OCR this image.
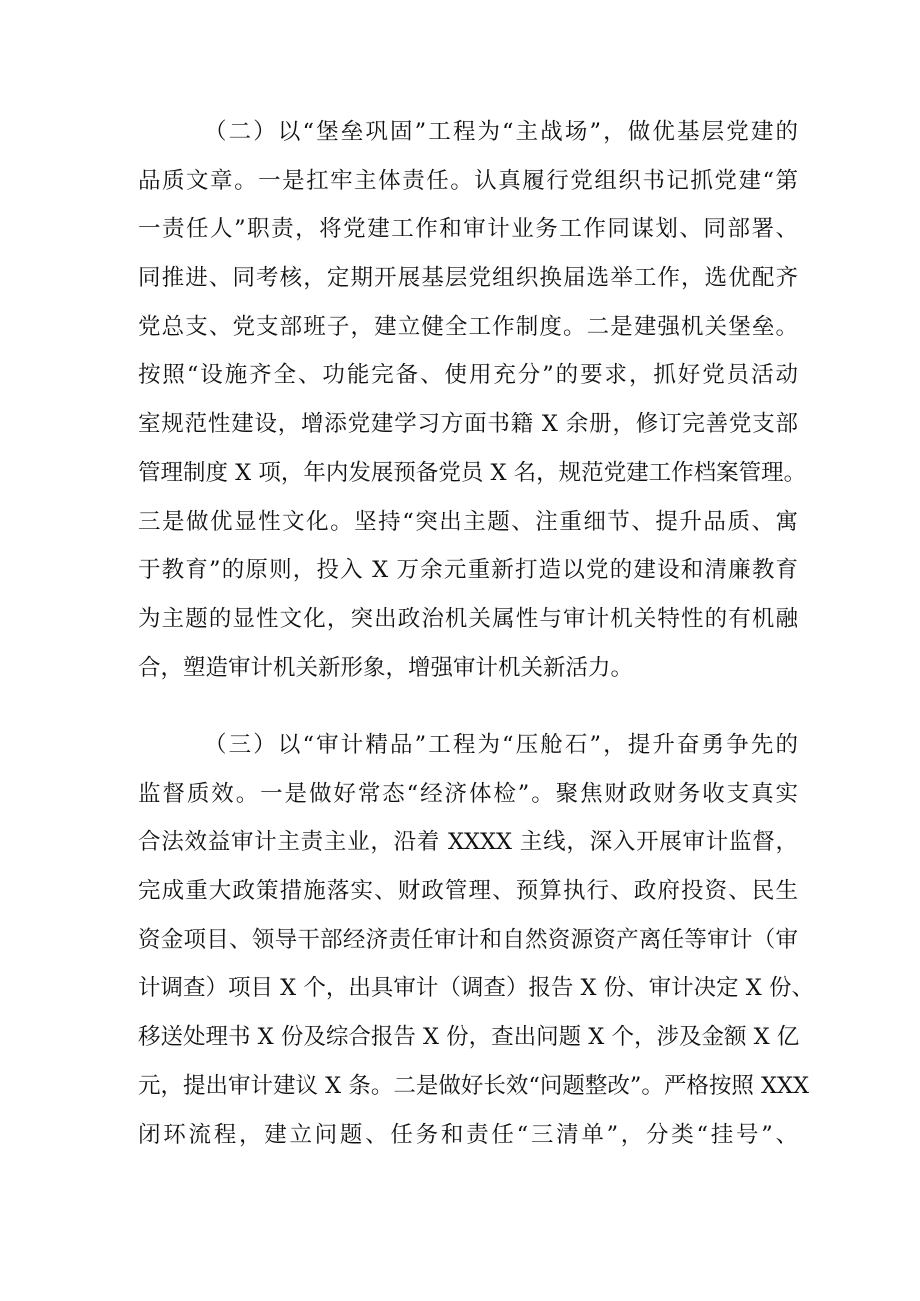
（二）以“堡垒巩固”工程为“主战场”，做优基层党建的
品质文章。一是扛牢主体责任。认真履行党组织书记抓党建“第
一责任人”职责，将党建工作和审计业务工作同谋划、同部署、
同推进、同考核，定期开展基层党组织换届选举工作，选优配齐
党总支、党支部班子，建立健全工作制度。二是建强机关堡垒。
按照“设施齐全、功能完备、使用充分”的要求，抓好党员活动
室规范性建设，增添党建学习方面书籍 X 余册，修订完善党支部
管理制度 X 项，年内发展预备党员 X 名，规范党建工作档案管理。
三是做优显性文化。坚持“突出主题、注重细节、提升品质、寓
于教育”的原则，投入 X 万余元重新打造以党的建设和清廉教育
为主题的显性文化，突出政治机关属性与审计机关特性的有机融
合，塑造审计机关新形象，增强审计机关新活力。
（三）以“审计精品”工程为“压舱石”，提升奋勇争先的
监督质效。一是做好常态“经济体检”。聚焦财政财务收支真实
合法效益审计主责主业，沿着 XXXX 主线，深入开展审计监督，
完成重大政策措施落实、财政管理、预算执行、政府投资、民生
资金项目、领导干部经济责任审计和自然资源资产离任等审计（审
计调查）项目 X 个，出具审计（调查）报告 X 份、审计决定 X 份、
移送处理书 X 份及综合报告 X 份，查出问题 X 个，涉及金额 X 亿
元，提出审计建议 X 条。二是做好长效“问题整改”。严格按照 XXX
闭环流程，建立问题、任务和责任“三清单”，分类“挂号”、
